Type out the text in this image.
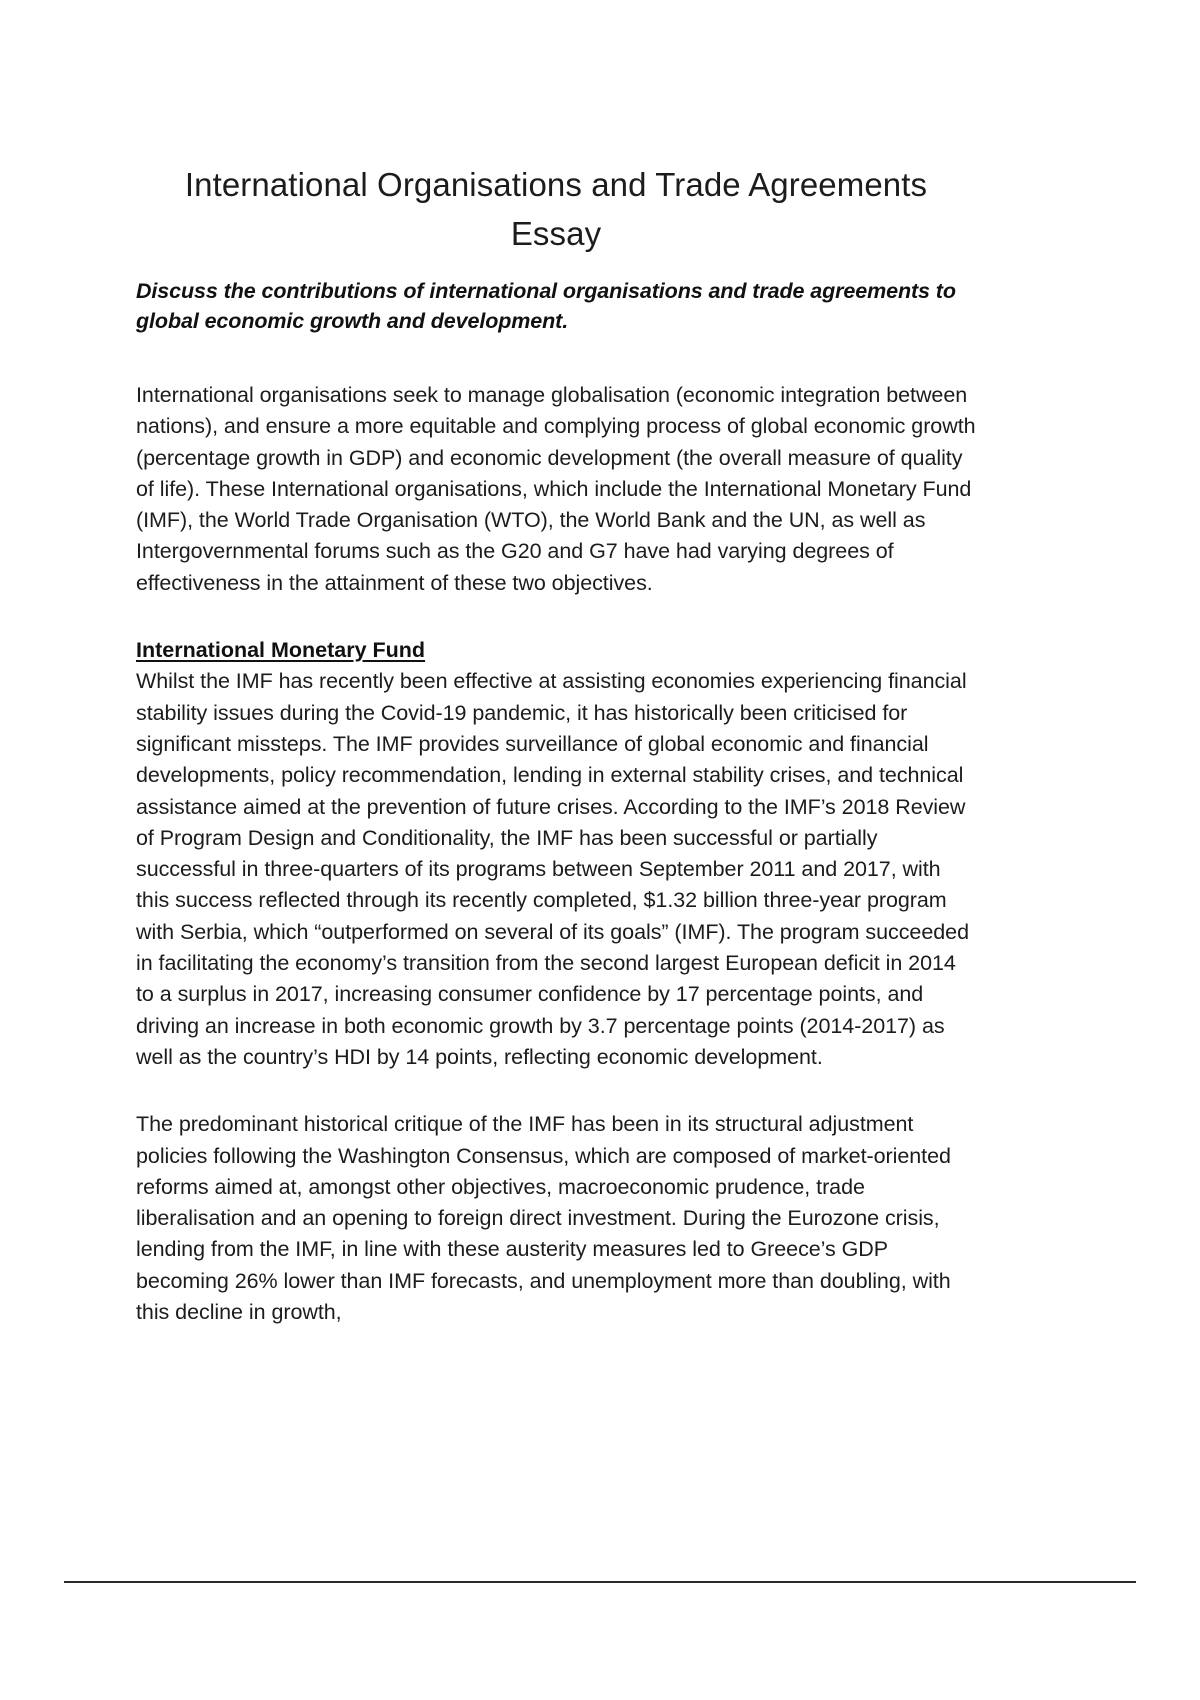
International Organisations and Trade Agreements
Essay

Discuss the contributions of international organisations and trade agreements to global economic growth and development.

International organisations seek to manage globalisation (economic integration between nations), and ensure a more equitable and complying process of global economic growth (percentage growth in GDP) and economic development (the overall measure of quality of life). These International organisations, which include the International Monetary Fund (IMF), the World Trade Organisation (WTO), the World Bank and the UN, as well as Intergovernmental forums such as the G20 and G7 have had varying degrees of effectiveness in the attainment of these two objectives.

International Monetary Fund

Whilst the IMF has recently been effective at assisting economies experiencing financial stability issues during the Covid-19 pandemic, it has historically been criticised for significant missteps. The IMF provides surveillance of global economic and financial developments, policy recommendation, lending in external stability crises, and technical assistance aimed at the prevention of future crises. According to the IMF’s 2018 Review of Program Design and Conditionality, the IMF has been successful or partially successful in three-quarters of its programs between September 2011 and 2017, with this success reflected through its recently completed, $1.32 billion three-year program with Serbia, which “outperformed on several of its goals” (IMF). The program succeeded in facilitating the economy’s transition from the second largest European deficit in 2014 to a surplus in 2017, increasing consumer confidence by 17 percentage points, and driving an increase in both economic growth by 3.7 percentage points (2014-2017) as well as the country’s HDI by 14 points, reflecting economic development.

The predominant historical critique of the IMF has been in its structural adjustment policies following the Washington Consensus, which are composed of market-oriented reforms aimed at, amongst other objectives, macroeconomic prudence, trade liberalisation and an opening to foreign direct investment. During the Eurozone crisis, lending from the IMF, in line with these austerity measures led to Greece’s GDP becoming 26% lower than IMF forecasts, and unemployment more than doubling, with this decline in growth,
